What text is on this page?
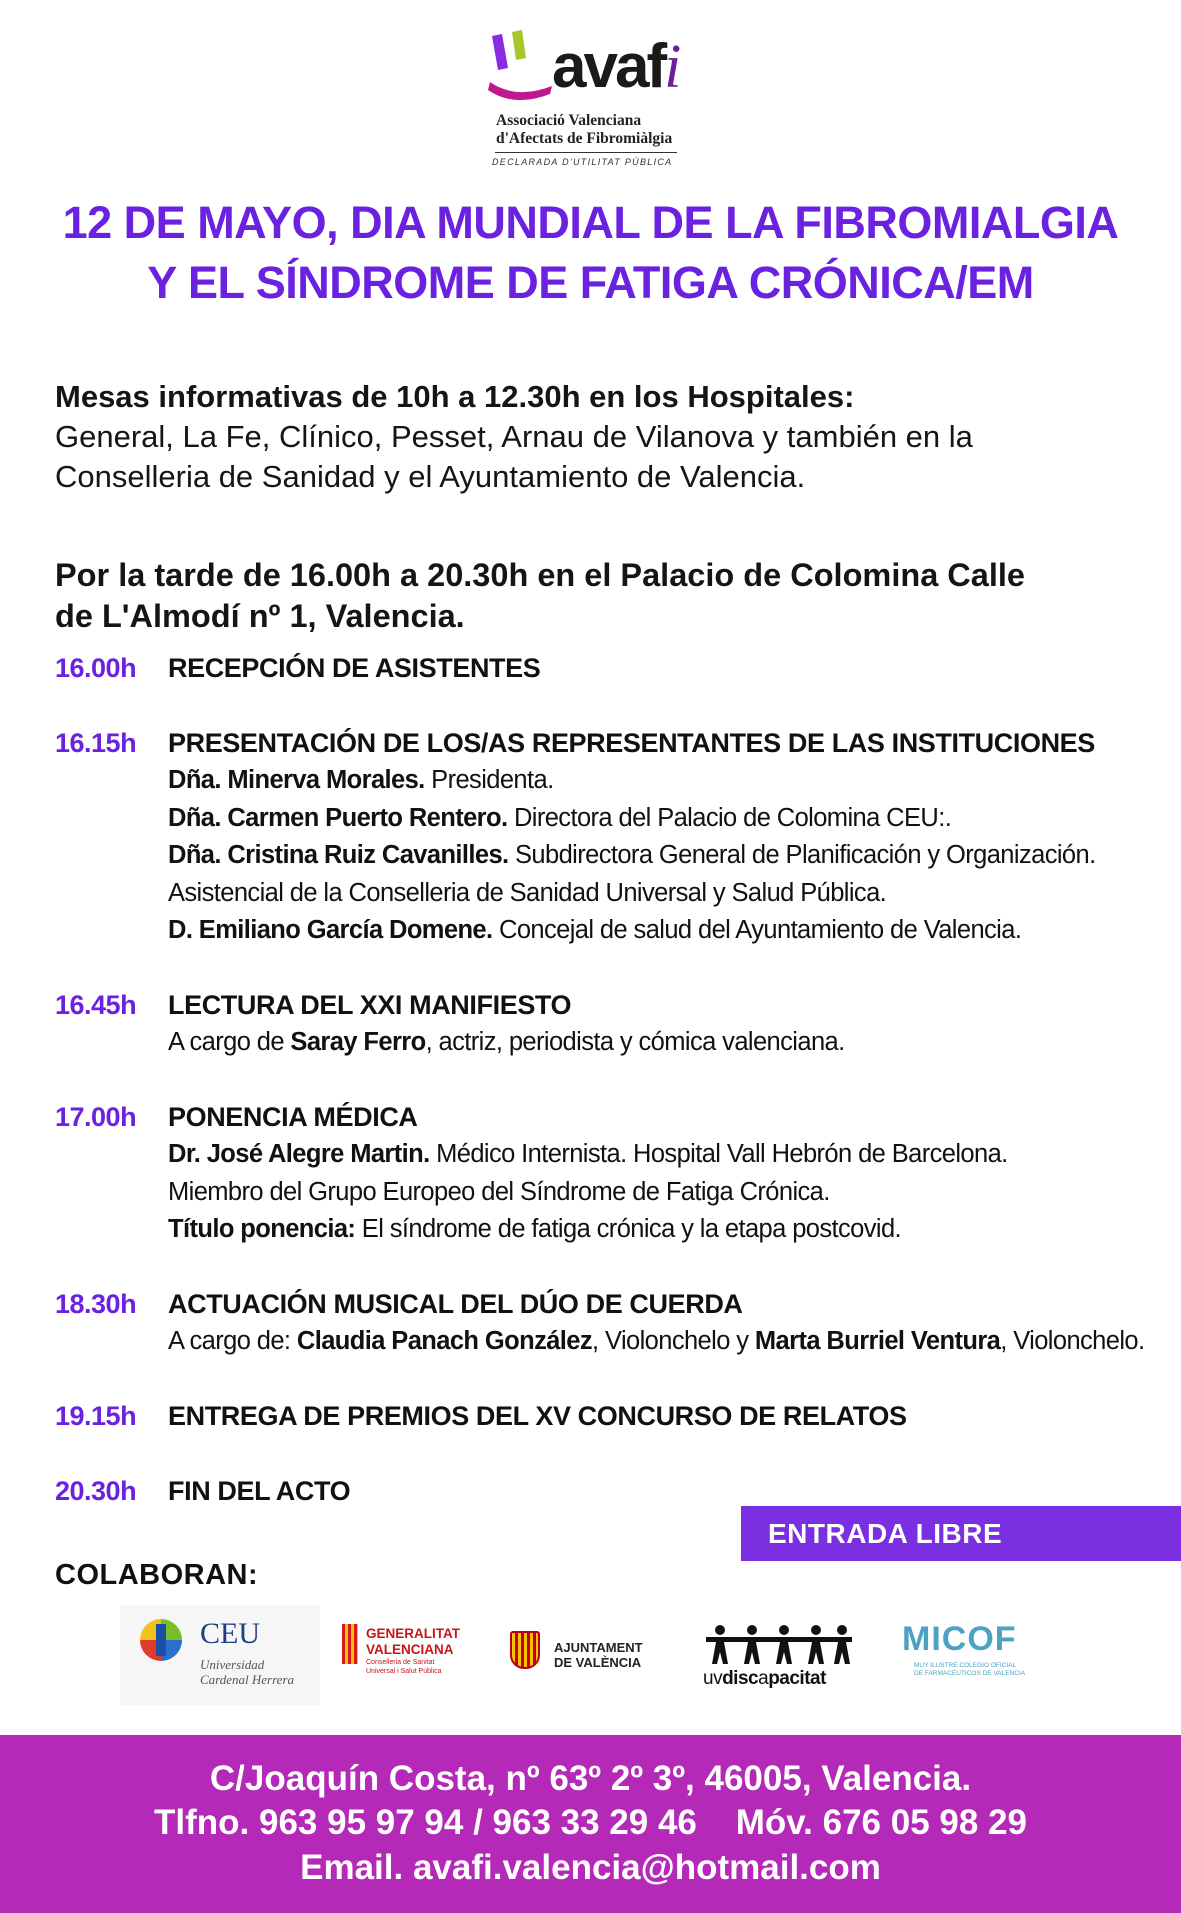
avafi
Associació Valenciana
d'Afectats de Fibromiàlgia
DECLARADA D'UTILITAT PÚBLICA
12 DE MAYO, DIA MUNDIAL DE LA FIBROMIALGIA
Y EL SÍNDROME DE FATIGA CRÓNICA/EM
Mesas informativas de 10h a 12.30h en los Hospitales:
General, La Fe, Clínico, Pesset, Arnau de Vilanova y también en la
Conselleria de Sanidad y el Ayuntamiento de Valencia.
Por la tarde de 16.00h a 20.30h en el Palacio de Colomina Calle
de L'Almodí nº 1, Valencia.
16.00h	RECEPCIÓN DE ASISTENTES
16.15h	PRESENTACIÓN DE LOS/AS REPRESENTANTES DE LAS INSTITUCIONES
Dña. Minerva Morales. Presidenta.
Dña. Carmen Puerto Rentero. Directora del Palacio de Colomina CEU:.
Dña. Cristina Ruiz Cavanilles. Subdirectora General de Planificación y Organización.
Asistencial de la Conselleria de Sanidad Universal y Salud Pública.
D. Emiliano García Domene. Concejal de salud del Ayuntamiento de Valencia.
16.45h	LECTURA DEL XXI MANIFIESTO
A cargo de Saray Ferro, actriz, periodista y cómica valenciana.
17.00h	PONENCIA MÉDICA
Dr. José Alegre Martin. Médico Internista. Hospital Vall Hebrón de Barcelona.
Miembro del Grupo Europeo del Síndrome de Fatiga Crónica.
Título ponencia: El síndrome de fatiga crónica y la etapa postcovid.
18.30h	ACTUACIÓN MUSICAL DEL DÚO DE CUERDA
A cargo de: Claudia Panach González, Violonchelo y Marta Burriel Ventura, Violonchelo.
19.15h	ENTREGA DE PREMIOS DEL XV CONCURSO DE RELATOS
20.30h	FIN DEL ACTO
ENTRADA LIBRE
COLABORAN:
CEU
Universidad
Cardenal Herrera
GENERALITAT
VALENCIANA
Conselleria de Sanitat
Universal i Salut Pública
AJUNTAMENT
DE VALÈNCIA
uvdiscapacitat
MICOF
MUY ILUSTRE COLEGIO OFICIAL
DE FARMACÉUTICOS DE VALENCIA
C/Joaquín Costa, nº 63º 2º 3º, 46005, Valencia.
Tlfno. 963 95 97 94 / 963 33 29 46    Móv. 676 05 98 29
Email. avafi.valencia@hotmail.com
